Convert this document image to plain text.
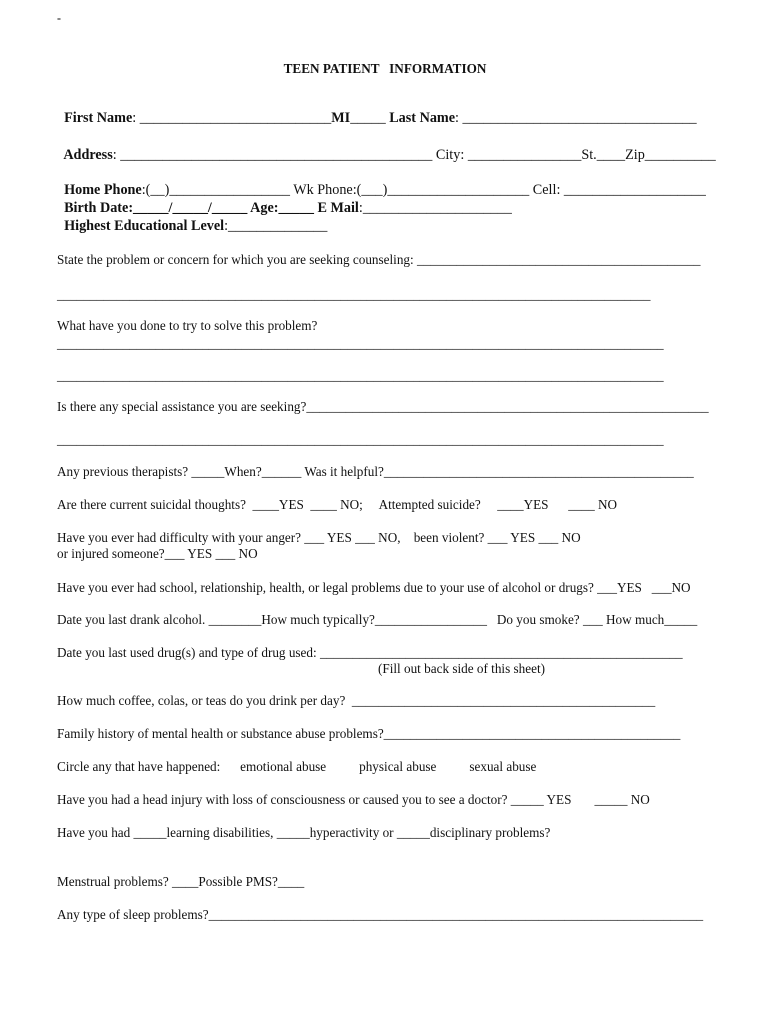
-
TEEN PATIENT   INFORMATION

First Name: ___________________________MI_____ Last Name: _________________________________

Address: ____________________________________________ City: ________________St.____Zip__________

Home Phone:(__)_________________ Wk Phone:(___)____________________ Cell: ____________________

Birth Date:_____/_____/_____ Age:_____ E Mail:_____________________

Highest Educational Level:______________

State the problem or concern for which you are seeking counseling: ___________________________________________
__________________________________________________________________________________________
What have you done to try to solve this problem?
____________________________________________________________________________________________
____________________________________________________________________________________________
Is there any special assistance you are seeking?_____________________________________________________________
____________________________________________________________________________________________
Any previous therapists? _____When?______ Was it helpful?_______________________________________________
Are there current suicidal thoughts?  ____YES  ____ NO;     Attempted suicide?     ____YES      ____ NO
Have you ever had difficulty with your anger? ___ YES ___ NO,    been violent? ___ YES ___ NO
or injured someone?___ YES ___ NO
Have you ever had school, relationship, health, or legal problems due to your use of alcohol or drugs? ___YES   ___NO
Date you last drank alcohol. ________How much typically?_________________   Do you smoke? ___ How much_____
Date you last used drug(s) and type of drug used: _______________________________________________________
(Fill out back side of this sheet)
How much coffee, colas, or teas do you drink per day?  ______________________________________________
Family history of mental health or substance abuse problems?_____________________________________________
Circle any that have happened:      emotional abuse          physical abuse          sexual abuse
Have you had a head injury with loss of consciousness or caused you to see a doctor? _____ YES       _____ NO
Have you had _____learning disabilities, _____hyperactivity or _____disciplinary problems?
Menstrual problems? ____Possible PMS?____
Any type of sleep problems?___________________________________________________________________________
